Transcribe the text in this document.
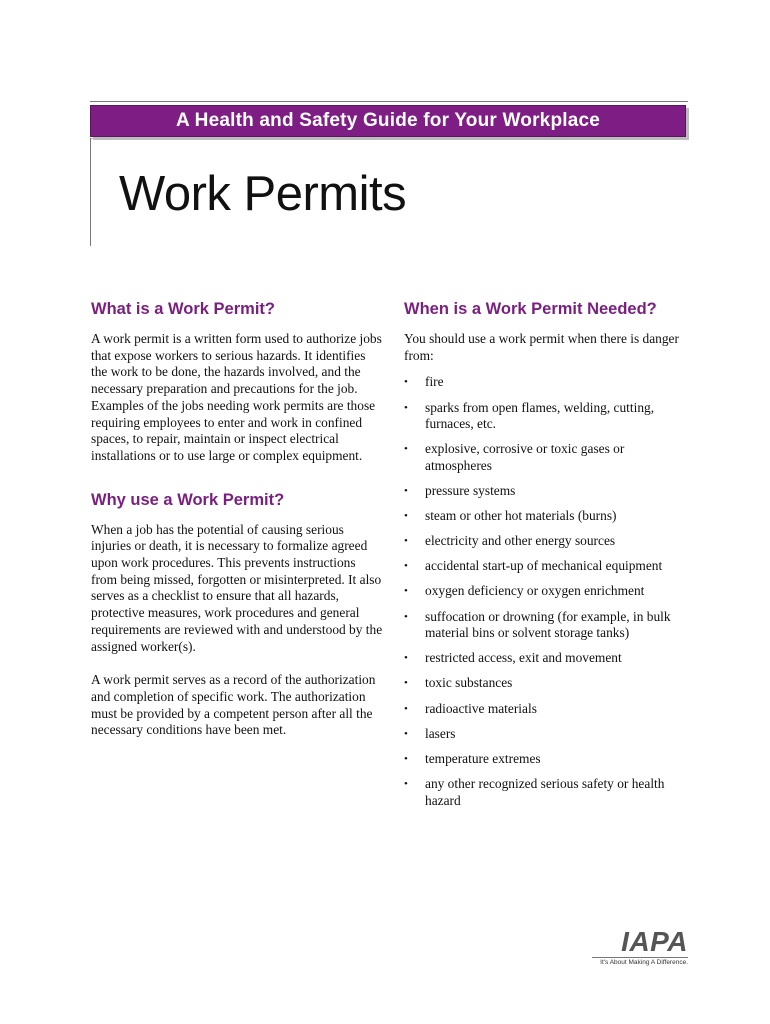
A Health and Safety Guide for Your Workplace
Work Permits
What is a Work Permit?

A work permit is a written form used to authorize jobs that expose workers to serious hazards. It identifies the work to be done, the hazards involved, and the necessary preparation and precautions for the job. Examples of the jobs needing work permits are those requiring employees to enter and work in confined spaces, to repair, maintain or inspect electrical installations or to use large or complex equipment.

Why use a Work Permit?

When a job has the potential of causing serious injuries or death, it is necessary to formalize agreed upon work procedures. This prevents instructions from being missed, forgotten or misinterpreted. It also serves as a checklist to ensure that all hazards, protective measures, work procedures and general requirements are reviewed with and understood by the assigned worker(s).

A work permit serves as a record of the authorization and completion of specific work. The authorization must be provided by a competent person after all the necessary conditions have been met.

When is a Work Permit Needed?

You should use a work permit when there is danger from:

• fire
• sparks from open flames, welding, cutting, furnaces, etc.
• explosive, corrosive or toxic gases or atmospheres
• pressure systems
• steam or other hot materials (burns)
• electricity and other energy sources
• accidental start-up of mechanical equipment
• oxygen deficiency or oxygen enrichment
• suffocation or drowning (for example, in bulk material bins or solvent storage tanks)
• restricted access, exit and movement
• toxic substances
• radioactive materials
• lasers
• temperature extremes
• any other recognized serious safety or health hazard
IAPA
It's About Making A Difference.
